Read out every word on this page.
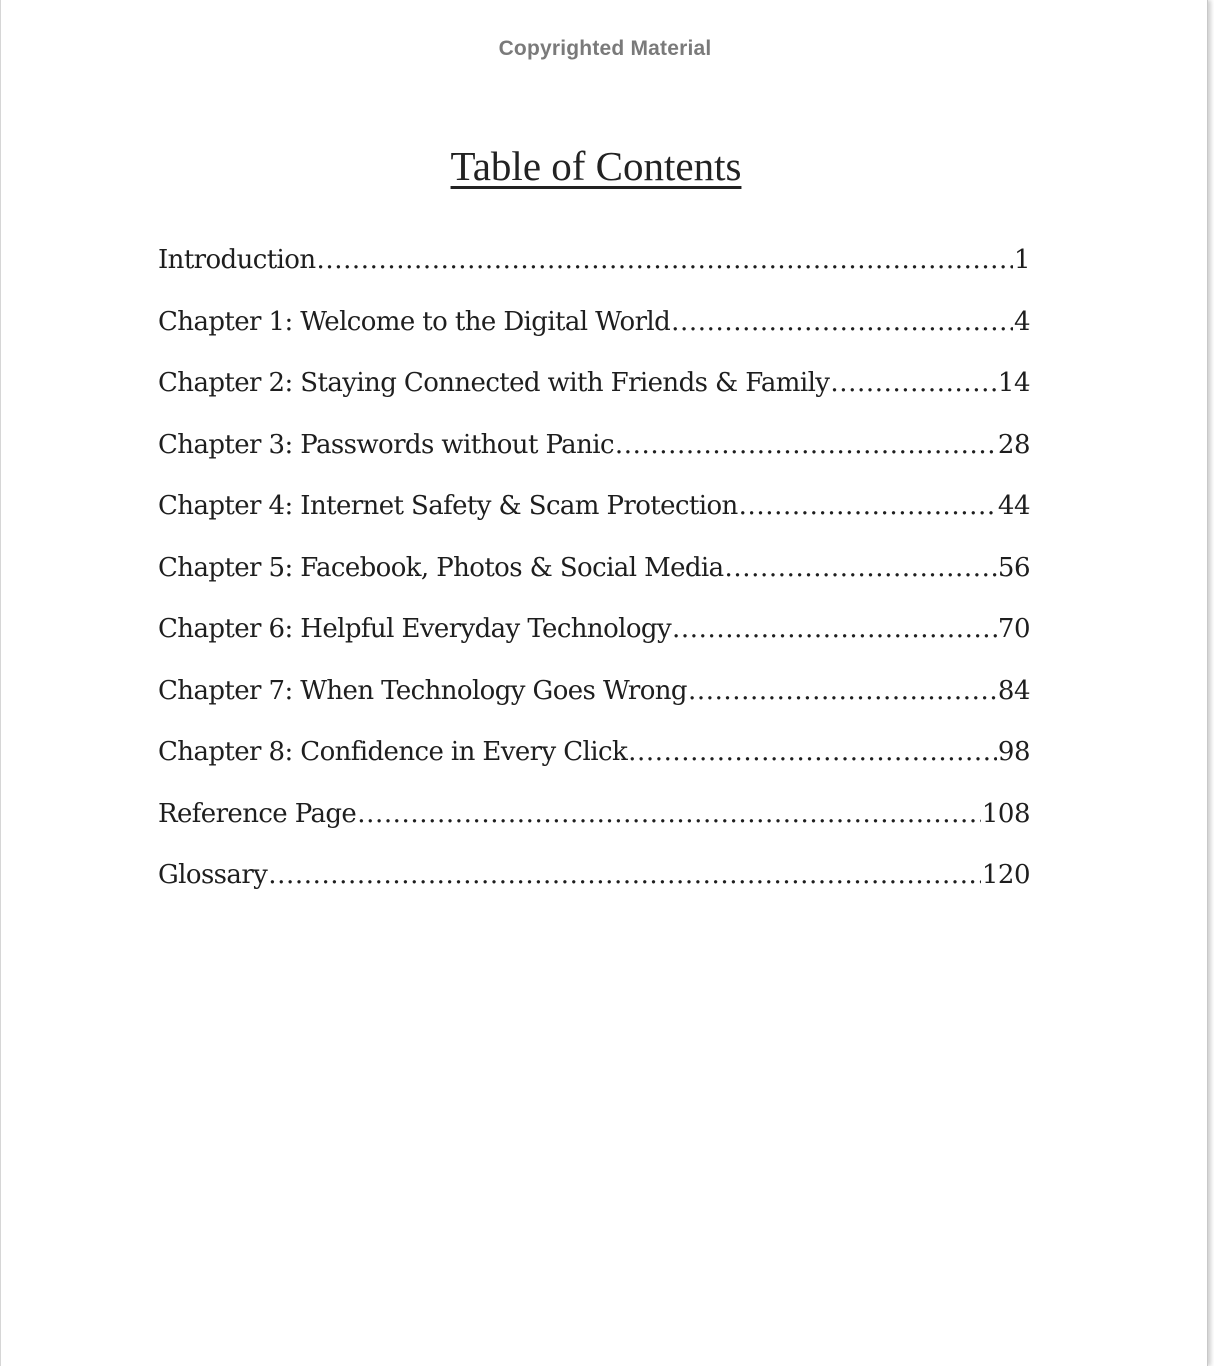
Copyrighted Material
Table of Contents
Introduction .....	1
Chapter 1: Welcome to the Digital World .....	4
Chapter 2: Staying Connected with Friends & Family .....	14
Chapter 3: Passwords without Panic .....	28
Chapter 4: Internet Safety & Scam Protection .....	44
Chapter 5: Facebook, Photos & Social Media .....	56
Chapter 6: Helpful Everyday Technology .....	70
Chapter 7: When Technology Goes Wrong .....	84
Chapter 8: Confidence in Every Click .....	98
Reference Page .....	108
Glossary .....	120
